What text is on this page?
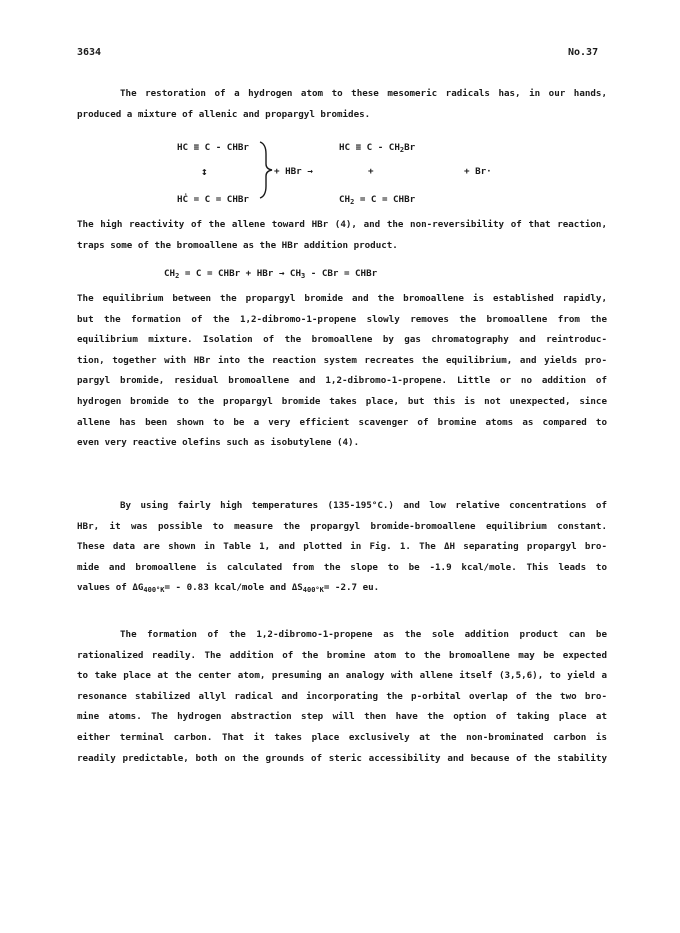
3634	No.37
The restoration of a hydrogen atom to these mesomeric radicals has, in our hands,
produced a mixture of allenic and propargyl bromides.
HC ≡ C - CHBr
↕
HĊ = C = CHBr
+ HBr →
HC ≡ C - $CH_2Br$
+
$CH_2 = C$ = CHBr
+ Br·
The high reactivity of the allene toward HBr (4), and the non-reversibility of that reaction,
traps some of the bromoallene as the HBr addition product.
$CH_2 = C$ = CHBr + HBr → $CH_3$ - CBr = CHBr
The equilibrium between the propargyl bromide and the bromoallene is established rapidly,
but the formation of the 1,2-dibromo-1-propene slowly removes the bromoallene from the
equilibrium mixture. Isolation of the bromoallene by gas chromatography and reintroduc-
tion, together with HBr into the reaction system recreates the equilibrium, and yields pro-
pargyl bromide, residual bromoallene and 1,2-dibromo-1-propene. Little or no addition of
hydrogen bromide to the propargyl bromide takes place, but this is not unexpected, since
allene has been shown to be a very efficient scavenger of bromine atoms as compared to
even very reactive olefins such as isobutylene (4).
By using fairly high temperatures (135-195°C.) and low relative concentrations of
HBr, it was possible to measure the propargyl bromide-bromoallene equilibrium constant.
These data are shown in Table 1, and plotted in Fig. 1. The ΔH separating propargyl bro-
mide and bromoallene is calculated from the slope to be -1.9 kcal/mole. This leads to
values of $\Delta G_{400^\circ K}= - 0.83$ kcal/mole and $\Delta S_{400^\circ K}= -2.7$ eu.
The formation of the 1,2-dibromo-1-propene as the sole addition product can be
rationalized readily. The addition of the bromine atom to the bromoallene may be expected
to take place at the center atom, presuming an analogy with allene itself (3,5,6), to yield a
resonance stabilized allyl radical and incorporating the p-orbital overlap of the two bro-
mine atoms. The hydrogen abstraction step will then have the option of taking place at
either terminal carbon. That it takes place exclusively at the non-brominated carbon is
readily predictable, both on the grounds of steric accessibility and because of the stability
